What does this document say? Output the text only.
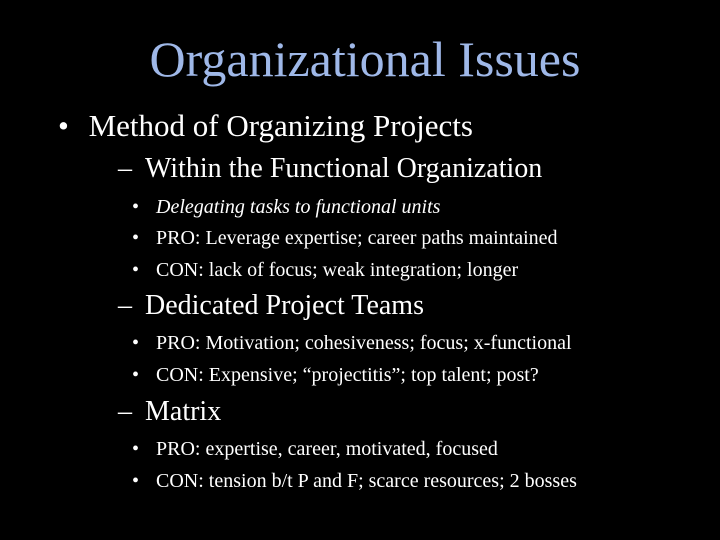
Organizational Issues
• Method of Organizing Projects
– Within the Functional Organization
• Delegating tasks to functional units
• PRO: Leverage expertise; career paths maintained
• CON: lack of focus; weak integration; longer
– Dedicated Project Teams
• PRO: Motivation; cohesiveness; focus; x-functional
• CON: Expensive; “projectitis”; top talent; post?
– Matrix
• PRO: expertise, career, motivated, focused
• CON: tension b/t P and F; scarce resources; 2 bosses
